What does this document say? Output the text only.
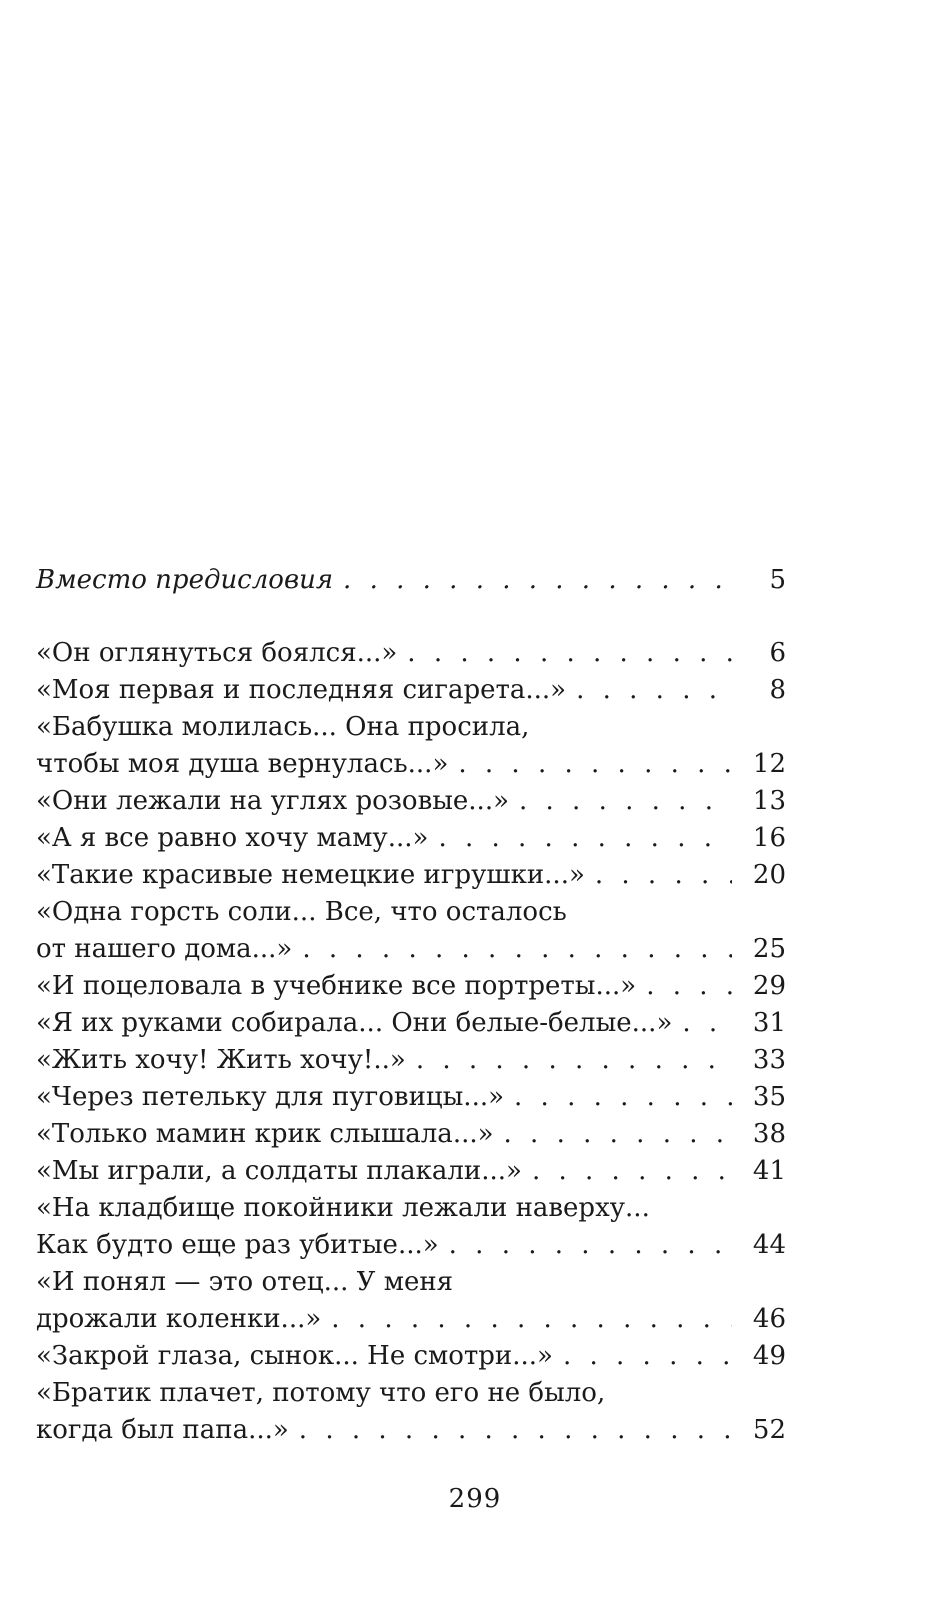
Вместо предисловия . . .	5
«Он оглянуться боялся...» . . .	6
«Моя первая и последняя сигарета...» . . .	8
«Бабушка молилась... Она просила,
чтобы моя душа вернулась...» . . .	12
«Они лежали на углях розовые...» . . .	13
«А я все равно хочу маму...» . . .	16
«Такие красивые немецкие игрушки...» . . .	20
«Одна горсть соли... Все, что осталось
от нашего дома...» . . .	25
«И поцеловала в учебнике все портреты...» . . .	29
«Я их руками собирала... Они белые-белые...» . . .	31
«Жить хочу! Жить хочу!..» . . .	33
«Через петельку для пуговицы...» . . .	35
«Только мамин крик слышала...» . . .	38
«Мы играли, а солдаты плакали...» . . .	41
«На кладбище покойники лежали наверху...
Как будто еще раз убитые...» . . .	44
«И понял — это отец... У меня
дрожали коленки...» . . .	46
«Закрой глаза, сынок... Не смотри...» . . .	49
«Братик плачет, потому что его не было,
когда был папа...» . . .	52
299
